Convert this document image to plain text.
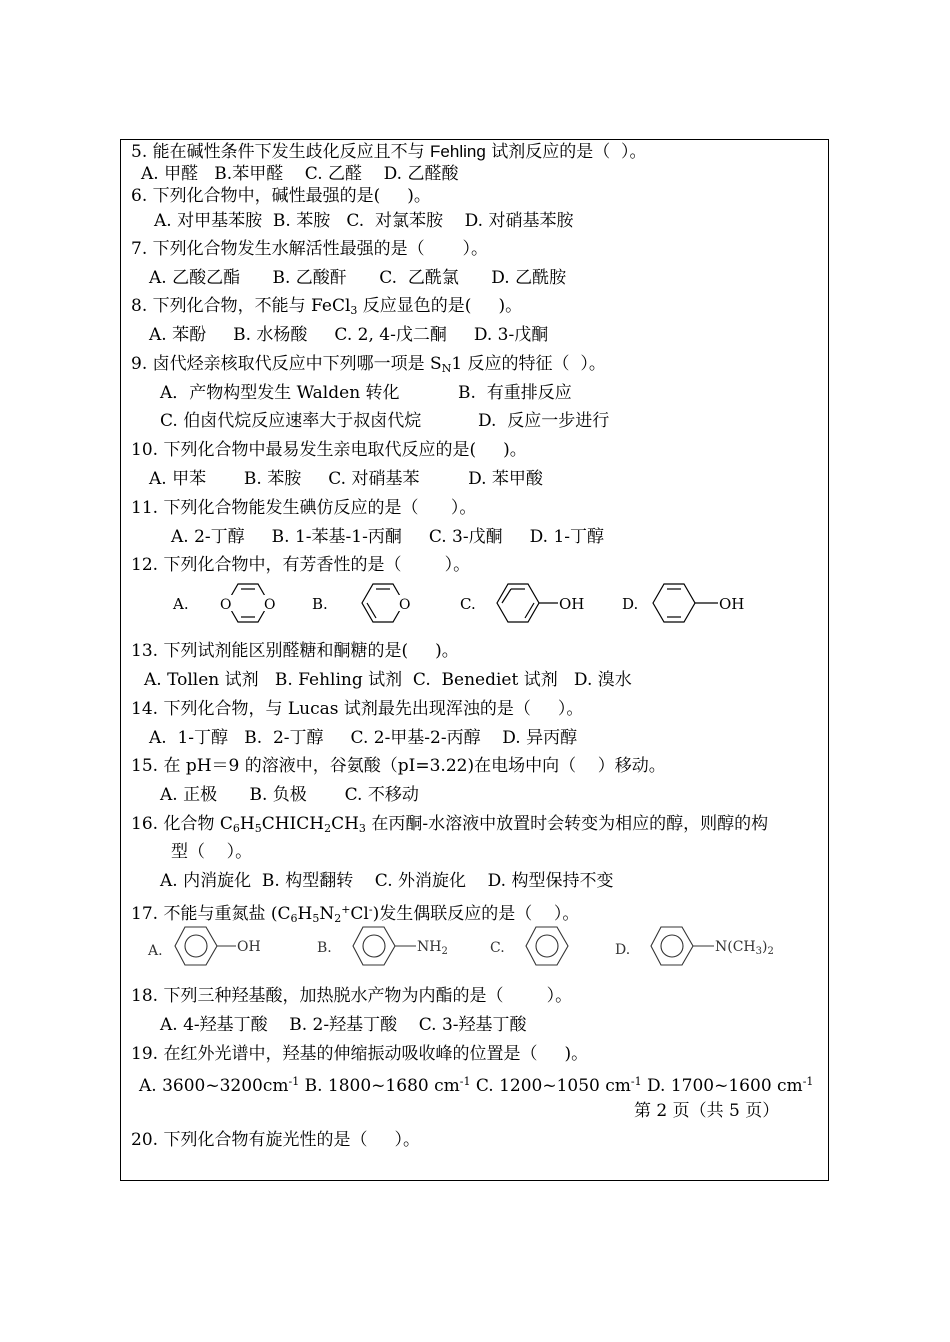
5. 能在碱性条件下发生歧化反应且不与 Fehling 试剂反应的是（  ）。
A. 甲醛   B.苯甲醛    C. 乙醛    D. 乙醛酸
6. 下列化合物中，碱性最强的是(     )。
A. 对甲基苯胺  B. 苯胺   C.  对氯苯胺    D. 对硝基苯胺
7. 下列化合物发生水解活性最强的是（       ）。
A. 乙酸乙酯      B. 乙酸酐      C.  乙酰氯      D. 乙酰胺
8. 下列化合物，不能与 FeCl$_3$ 反应显色的是(     )。
A. 苯酚     B. 水杨酸     C. 2, 4-戊二酮     D. 3-戊酮
9. 卤代烃亲核取代反应中下列哪一项是 $S_N1$ 反应的特征（  ）。
A．产物构型发生 Walden 转化	B.  有重排反应
C. 伯卤代烷反应速率大于叔卤代烷	D.  反应一步进行
10. 下列化合物中最易发生亲电取代反应的是(     )。
A. 甲苯       B. 苯胺     C. 对硝基苯         D. 苯甲酸
11. 下列化合物能发生碘仿反应的是（      ）。
A. 2-丁醇     B. 1-苯基-1-丙酮     C. 3-戊酮     D. 1-丁醇
12. 下列化合物中，有芳香性的是（        ）。
A.	B.	C.	D.
O O	O	OH	OH
13. 下列试剂能区别醛糖和酮糖的是(     )。
A. Tollen 试剂   B. Fehling 试剂  C.  Benediet 试剂   D. 溴水
14. 下列化合物，与 Lucas 试剂最先出现浑浊的是（     ）。
A.  1-丁醇   B.  2-丁醇     C. 2-甲基-2-丙醇    D. 异丙醇
15. 在 pH＝9 的溶液中，谷氨酸（pI=3.22)在电场中向（    ）移动。
A. 正极      B. 负极       C. 不移动
16. 化合物 $C_6H_5CHICH_2CH_3$ 在丙酮-水溶液中放置时会转变为相应的醇，则醇的构
型（    ）。
A. 内消旋化  B. 构型翻转    C. 外消旋化    D. 构型保持不变
17. 不能与重氮盐 $(C_6H_5N_2^+Cl^-)$发生偶联反应的是（    ）。
A.	B.	C.	D.
OH	$NH_2$	$N(CH_3)_2$
18. 下列三种羟基酸，加热脱水产物为内酯的是（        ）。
A. 4-羟基丁酸    B. 2-羟基丁酸    C. 3-羟基丁酸
19. 在红外光谱中，羟基的伸缩振动吸收峰的位置是（     )。
A. $3600\sim 3200cm^{-1}$ B. 1800~1680 $cm^{-1}$ C. 1200~1050 $cm^{-1}$ D. 1700~1600 $cm^{-1}$
第 2 页（共 5 页）
20. 下列化合物有旋光性的是（     ）。
